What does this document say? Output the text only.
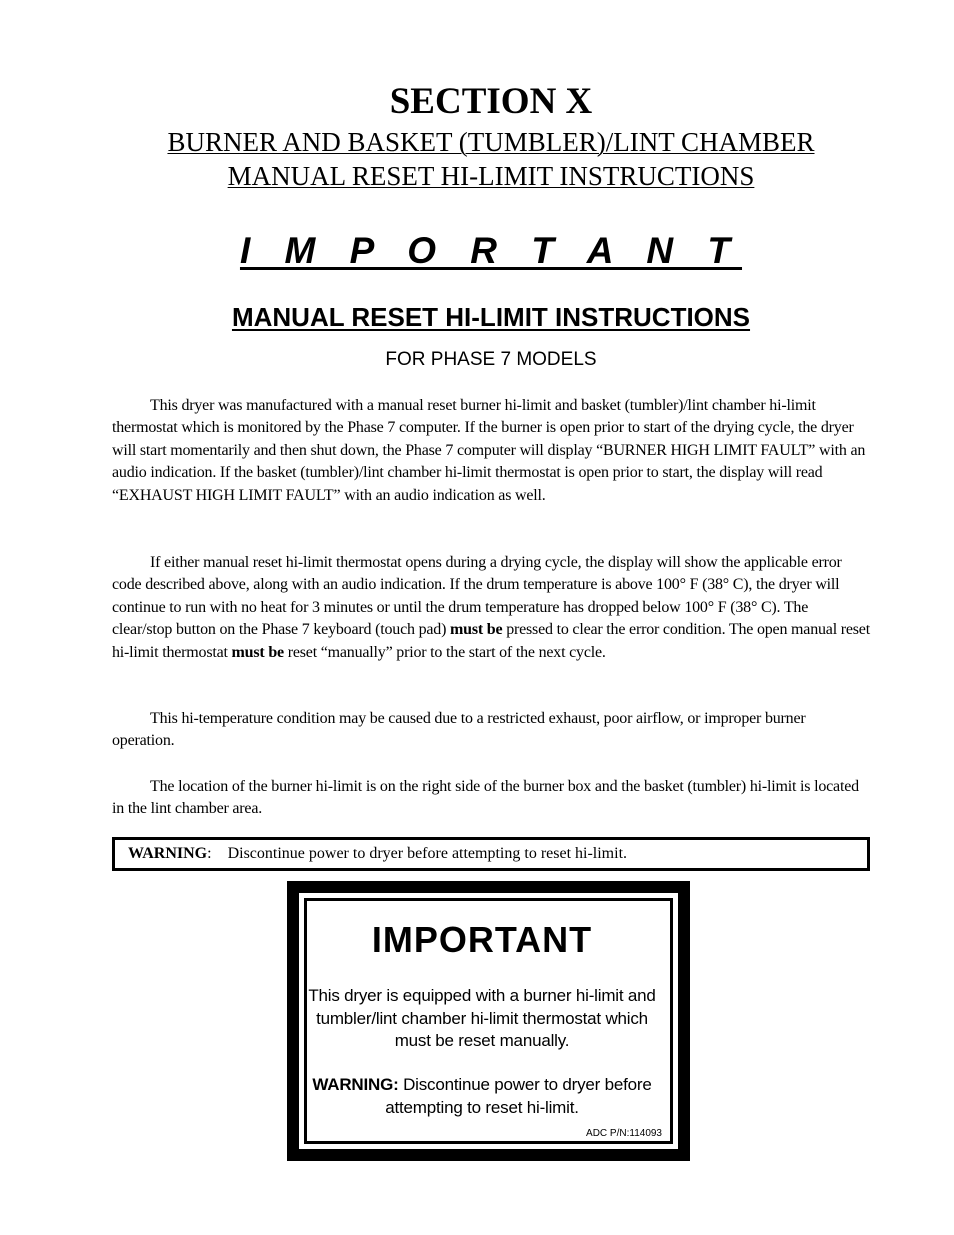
SECTION X
BURNER AND BASKET (TUMBLER)/LINT CHAMBER
MANUAL RESET HI-LIMIT INSTRUCTIONS
I M P O R T A N T
MANUAL RESET HI-LIMIT INSTRUCTIONS
FOR PHASE 7 MODELS

This dryer was manufactured with a manual reset burner hi-limit and basket (tumbler)/lint chamber hi-limit thermostat which is monitored by the Phase 7 computer. If the burner is open prior to start of the drying cycle, the dryer will start momentarily and then shut down, the Phase 7 computer will display “BURNER HIGH LIMIT FAULT” with an audio indication. If the basket (tumbler)/lint chamber hi-limit thermostat is open prior to start, the display will read “EXHAUST HIGH LIMIT FAULT” with an audio indication as well.

If either manual reset hi-limit thermostat opens during a drying cycle, the display will show the applicable error code described above, along with an audio indication. If the drum temperature is above 100° F (38° C), the dryer will continue to run with no heat for 3 minutes or until the drum temperature has dropped below 100° F (38° C). The clear/stop button on the Phase 7 keyboard (touch pad) must be pressed to clear the error condition. The open manual reset hi-limit thermostat must be reset “manually” prior to the start of the next cycle.

This hi-temperature condition may be caused due to a restricted exhaust, poor airflow, or improper burner operation.

The location of the burner hi-limit is on the right side of the burner box and the basket (tumbler) hi-limit is located in the lint chamber area.

WARNING:    Discontinue power to dryer before attempting to reset hi-limit.
IMPORTANT
This dryer is equipped with a burner hi-limit and tumbler/lint chamber hi-limit thermostat which must be reset manually.
WARNING: Discontinue power to dryer before attempting to reset hi-limit.
ADC P/N:114093
